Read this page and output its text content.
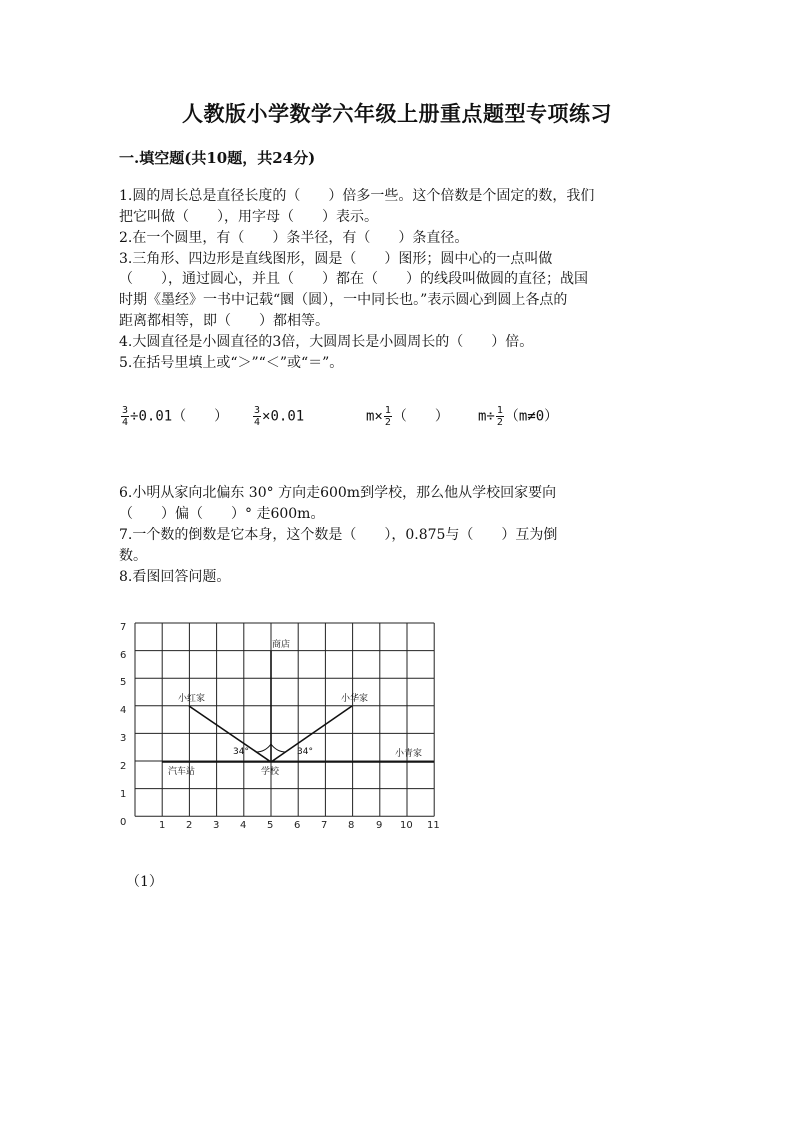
人教版小学数学六年级上册重点题型专项练习
一.填空题(共10题，共24分)
1.圆的周长总是直径长度的（　　）倍多一些。这个倍数是个固定的数，我们
把它叫做（　　），用字母（　　）表示。
2.在一个圆里，有（　　）条半径，有（　　）条直径。
3.三角形、四边形是直线图形，圆是（　　）图形；圆中心的一点叫做
（　　），通过圆心，并且（　　）都在（　　）的线段叫做圆的直径；战国
时期《墨经》一书中记载“圜（圆），一中同长也。”表示圆心到圆上各点的
距离都相等，即（　　）都相等。
4.大圆直径是小圆直径的3倍，大圆周长是小圆周长的（　　）倍。
5.在括号里填上或“＞”“＜”或“＝”。
$\frac{3}{4} \div 0.01$（　　） $\frac{3}{4} \times 0.01$	$m\times \frac{1}{2}$ （　　） $m\div \frac{1}{2} (m\ne 0)$
6.小明从家向北偏东 30° 方向走600m到学校，那么他从学校回家要向
（　　）偏（　　）° 走600m。
7.一个数的倒数是它本身，这个数是（　　），0.875与（　　）互为倒
数。
8.看图回答问题。
0
1
2
3
4
5
6
7
1 2 3 4 5 6 7 8 9 10 11
商店
小红家	小华家
小青家
汽车站	学校
34°	34°
（1）
